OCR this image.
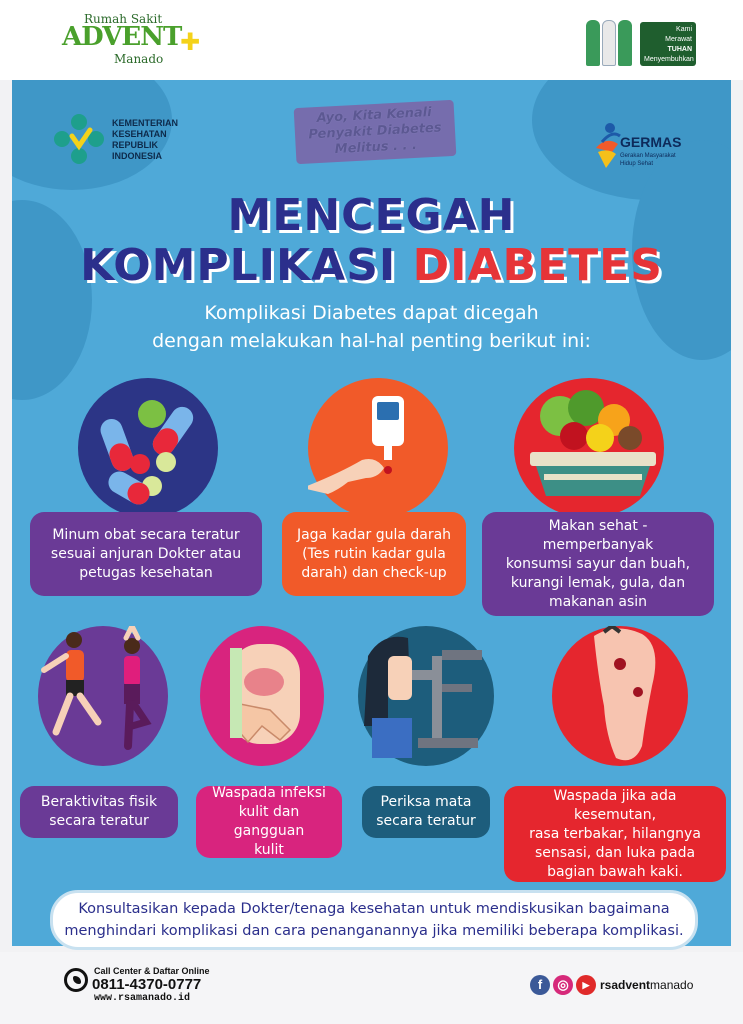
Rumah Sakit
ADVENT
Manado
✚	Kami
Merawat
TUHAN
Menyembuhkan
KEMENTERIAN
KESEHATAN
REPUBLIK
INDONESIA
Ayo, Kita Kenali
Penyakit Diabetes
Melitus . . .	GERMAS
Gerakan Masyarakat Hidup Sehat
MENCEGAH
KOMPLIKASI DIABETES
Komplikasi Diabetes dapat dicegah
dengan melakukan hal-hal penting berikut ini:
Minum obat secara teratur
sesuai anjuran Dokter atau
petugas kesehatan
Jaga kadar gula darah
(Tes rutin kadar gula
darah) dan check-up
Makan sehat - memperbanyak
konsumsi sayur dan buah,
kurangi lemak, gula, dan
makanan asin
Beraktivitas fisik
secara teratur
Waspada infeksi
kulit dan gangguan
kulit
Periksa mata
secara teratur
Waspada jika ada kesemutan,
rasa terbakar, hilangnya
sensasi, dan luka pada
bagian bawah kaki.
Konsultasikan kepada Dokter/tenaga kesehatan untuk mendiskusikan bagaimana
menghindari komplikasi dan cara penanganannya jika memiliki beberapa komplikasi.
Call Center & Daftar Online
0811-4370-0777
www.rsamanado.id
f	◎	▶ rsadventmanado
